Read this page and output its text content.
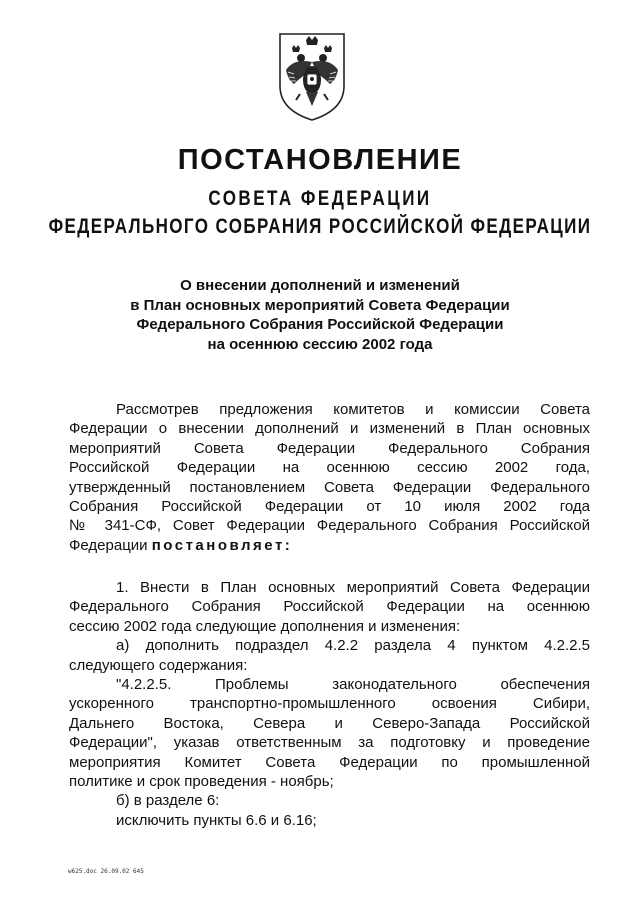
ПОСТАНОВЛЕНИЕ
СОВЕТА ФЕДЕРАЦИИ
ФЕДЕРАЛЬНОГО СОБРАНИЯ РОССИЙСКОЙ ФЕДЕРАЦИИ
О внесении дополнений и изменений
в План основных мероприятий Совета Федерации
Федерального Собрания Российской Федерации
на осеннюю сессию 2002 года
Рассмотрев предложения комитетов и комиссии Совета
Федерации о внесении дополнений и изменений в План основных
мероприятий Совета Федерации Федерального Собрания
Российской Федерации на осеннюю сессию 2002 года,
утвержденный постановлением Совета Федерации Федерального
Собрания Российской Федерации от 10 июля 2002 года
№ 341-СФ, Совет Федерации Федерального Собрания Российской
Федерации постановляет:
1. Внести в План основных мероприятий Совета Федерации
Федерального Собрания Российской Федерации на осеннюю
сессию 2002 года следующие дополнения и изменения:
а) дополнить подраздел 4.2.2 раздела 4 пунктом 4.2.2.5
следующего содержания:
"4.2.2.5. Проблемы законодательного обеспечения
ускоренного транспортно-промышленного освоения Сибири,
Дальнего Востока, Севера и Северо-Запада Российской
Федерации", указав ответственным за подготовку и проведение
мероприятия Комитет Совета Федерации по промышленной
политике и срок проведения - ноябрь;
б) в разделе 6:
исключить пункты 6.6 и 6.16;
w625.doc 26.09.02 645
